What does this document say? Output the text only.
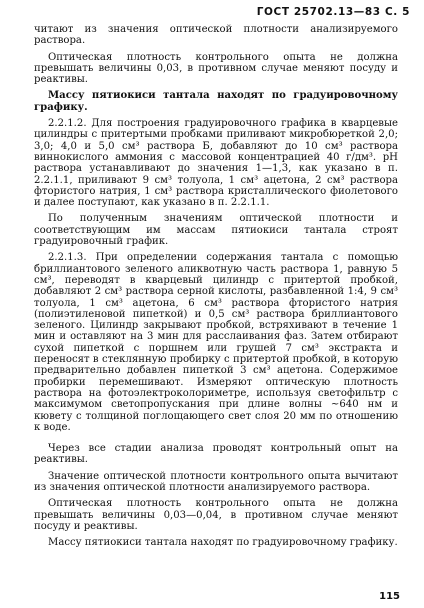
ГОСТ 25702.13—83 С. 5

читают из значения оптической плотности анализируемого раствора.

Оптическая плотность контрольного опыта не должна превышать величины 0,03, в противном случае меняют посуду и реактивы.

Массу пятиокиси тантала находят по градуировочному графику.

2.2.1.2. Для построения градуировочного графика в кварцевые цилиндры с притертыми пробками приливают микробюреткой 2,0; 3,0; 4,0 и 5,0 см³ раствора Б, добавляют до 10 см³ раствора виннокислого аммония с массовой концентрацией 40 г/дм³. рН раствора устанавливают до значения 1—1,3, как указано в п. 2.2.1.1, приливают 9 см³ толуола, 1 см³ ацетона, 2 см³ раствора фтористого натрия, 1 см³ раствора кристаллического фиолетового и далее поступают, как указано в п. 2.2.1.1.

По полученным значениям оптической плотности и соответствующим им массам пятиокиси тантала строят градуировочный график.

2.2.1.3. При определении содержания тантала с помощью бриллиантового зеленого аликвотную часть раствора 1, равную 5 см³, переводят в кварцевый цилиндр с притертой пробкой, добавляют 2 см³ раствора серной кислоты, разбавленной 1:4, 9 см³ толуола, 1 см³ ацетона, 6 см³ раствора фтористого натрия (полиэтиленовой пипеткой) и 0,5 см³ раствора бриллиантового зеленого. Цилиндр закрывают пробкой, встряхивают в течение 1 мин и оставляют на 3 мин для расслаивания фаз. Затем отбирают сухой пипеткой с поршнем или грушей 7 см³ экстракта и переносят в стеклянную пробирку с притертой пробкой, в которую предварительно добавлен пипеткой 3 см³ ацетона. Содержимое пробирки перемешивают. Измеряют оптическую плотность раствора на фотоэлектроколориметре, используя светофильтр с максимумом светопропускания при длине волны ~640 нм и кювету с толщиной поглощающего свет слоя 20 мм по отношению к воде.

Через все стадии анализа проводят контрольный опыт на реактивы.

Значение оптической плотности контрольного опыта вычитают из значения оптической плотности анализируемого раствора.

Оптическая плотность контрольного опыта не должна превышать величины 0,03—0,04, в противном случае меняют посуду и реактивы.

Массу пятиокиси тантала находят по градуировочному графику.

115
